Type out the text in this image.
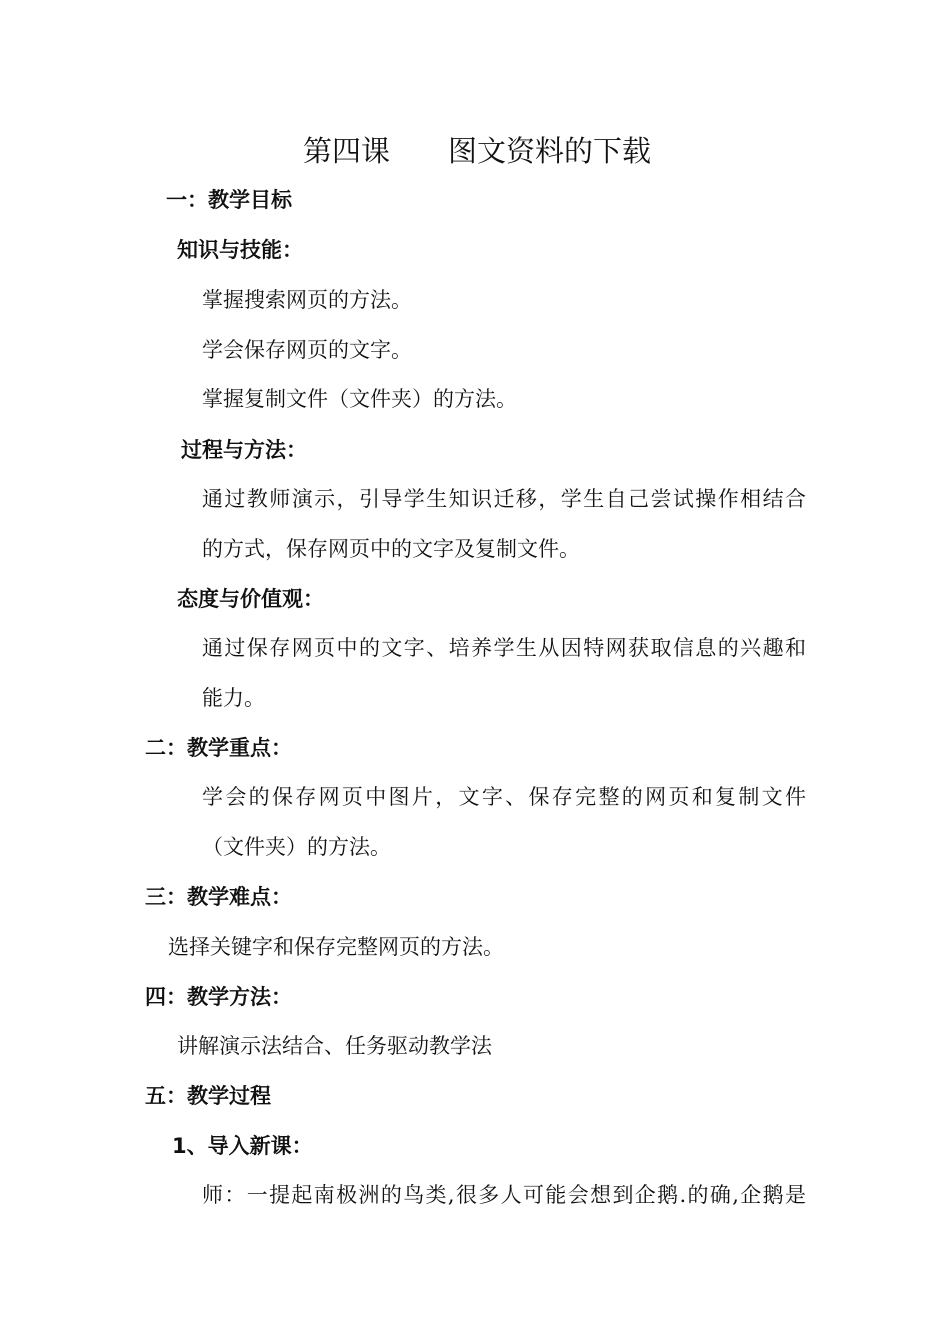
第四课 图文资料的下载
一：教学目标
知识与技能：
掌握搜索网页的方法。
学会保存网页的文字。
掌握复制文件（文件夹）的方法。
过程与方法：
通过教师演示，引导学生知识迁移，学生自己尝试操作相结合
的方式，保存网页中的文字及复制文件。
态度与价值观：
通过保存网页中的文字、培养学生从因特网获取信息的兴趣和
能力。
二：教学重点：
学会的保存网页中图片，文字、保存完整的网页和复制文件
（文件夹）的方法。
三：教学难点：
选择关键字和保存完整网页的方法。
四：教学方法：
讲解演示法结合、任务驱动教学法
五：教学过程
1、导入新课：
师：一提起南极洲的鸟类,很多人可能会想到企鹅.的确,企鹅是
